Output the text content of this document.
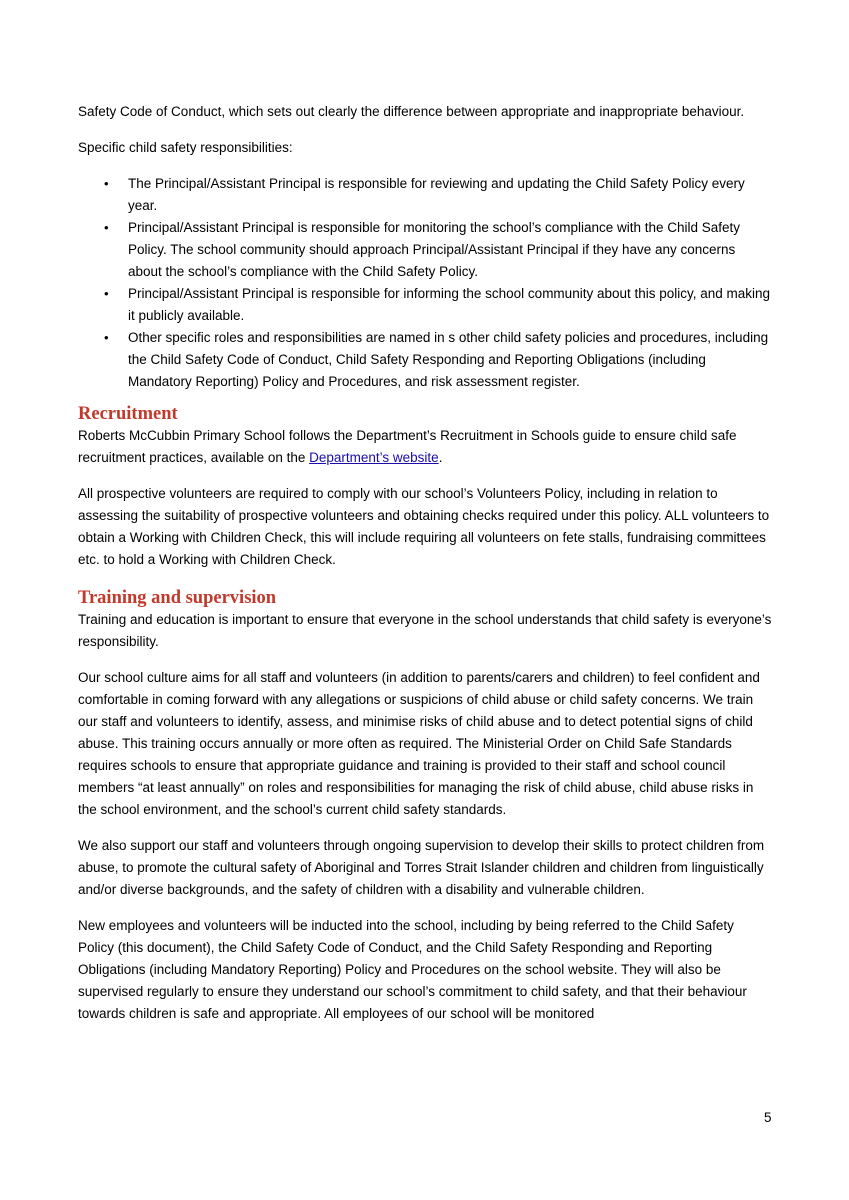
Safety Code of Conduct, which sets out clearly the difference between appropriate and inappropriate behaviour.

Specific child safety responsibilities:

• The Principal/Assistant Principal is responsible for reviewing and updating the Child Safety Policy every year.
• Principal/Assistant Principal is responsible for monitoring the school’s compliance with the Child Safety Policy. The school community should approach Principal/Assistant Principal if they have any concerns about the school’s compliance with the Child Safety Policy.
• Principal/Assistant Principal is responsible for informing the school community about this policy, and making it publicly available.
• Other specific roles and responsibilities are named in s other child safety policies and procedures, including the Child Safety Code of Conduct, Child Safety Responding and Reporting Obligations (including Mandatory Reporting) Policy and Procedures, and risk assessment register.
Recruitment

Roberts McCubbin Primary School follows the Department’s Recruitment in Schools guide to ensure child safe recruitment practices, available on the Department’s website.

All prospective volunteers are required to comply with our school’s Volunteers Policy, including in relation to assessing the suitability of prospective volunteers and obtaining checks required under this policy. ALL volunteers to obtain a Working with Children Check, this will include requiring all volunteers on fete stalls, fundraising committees etc. to hold a Working with Children Check.

Training and supervision

Training and education is important to ensure that everyone in the school understands that child safety is everyone’s responsibility.

Our school culture aims for all staff and volunteers (in addition to parents/carers and children) to feel confident and comfortable in coming forward with any allegations or suspicions of child abuse or child safety concerns. We train our staff and volunteers to identify, assess, and minimise risks of child abuse and to detect potential signs of child abuse. This training occurs annually or more often as required. The Ministerial Order on Child Safe Standards requires schools to ensure that appropriate guidance and training is provided to their staff and school council members “at least annually” on roles and responsibilities for managing the risk of child abuse, child abuse risks in the school environment, and the school’s current child safety standards.

We also support our staff and volunteers through ongoing supervision to develop their skills to protect children from abuse, to promote the cultural safety of Aboriginal and Torres Strait Islander children and children from linguistically and/or diverse backgrounds, and the safety of children with a disability and vulnerable children.

New employees and volunteers will be inducted into the school, including by being referred to the Child Safety Policy (this document), the Child Safety Code of Conduct, and the Child Safety Responding and Reporting Obligations (including Mandatory Reporting) Policy and Procedures on the school website. They will also be supervised regularly to ensure they understand our school’s commitment to child safety, and that their behaviour towards children is safe and appropriate. All employees of our school will be monitored

5
